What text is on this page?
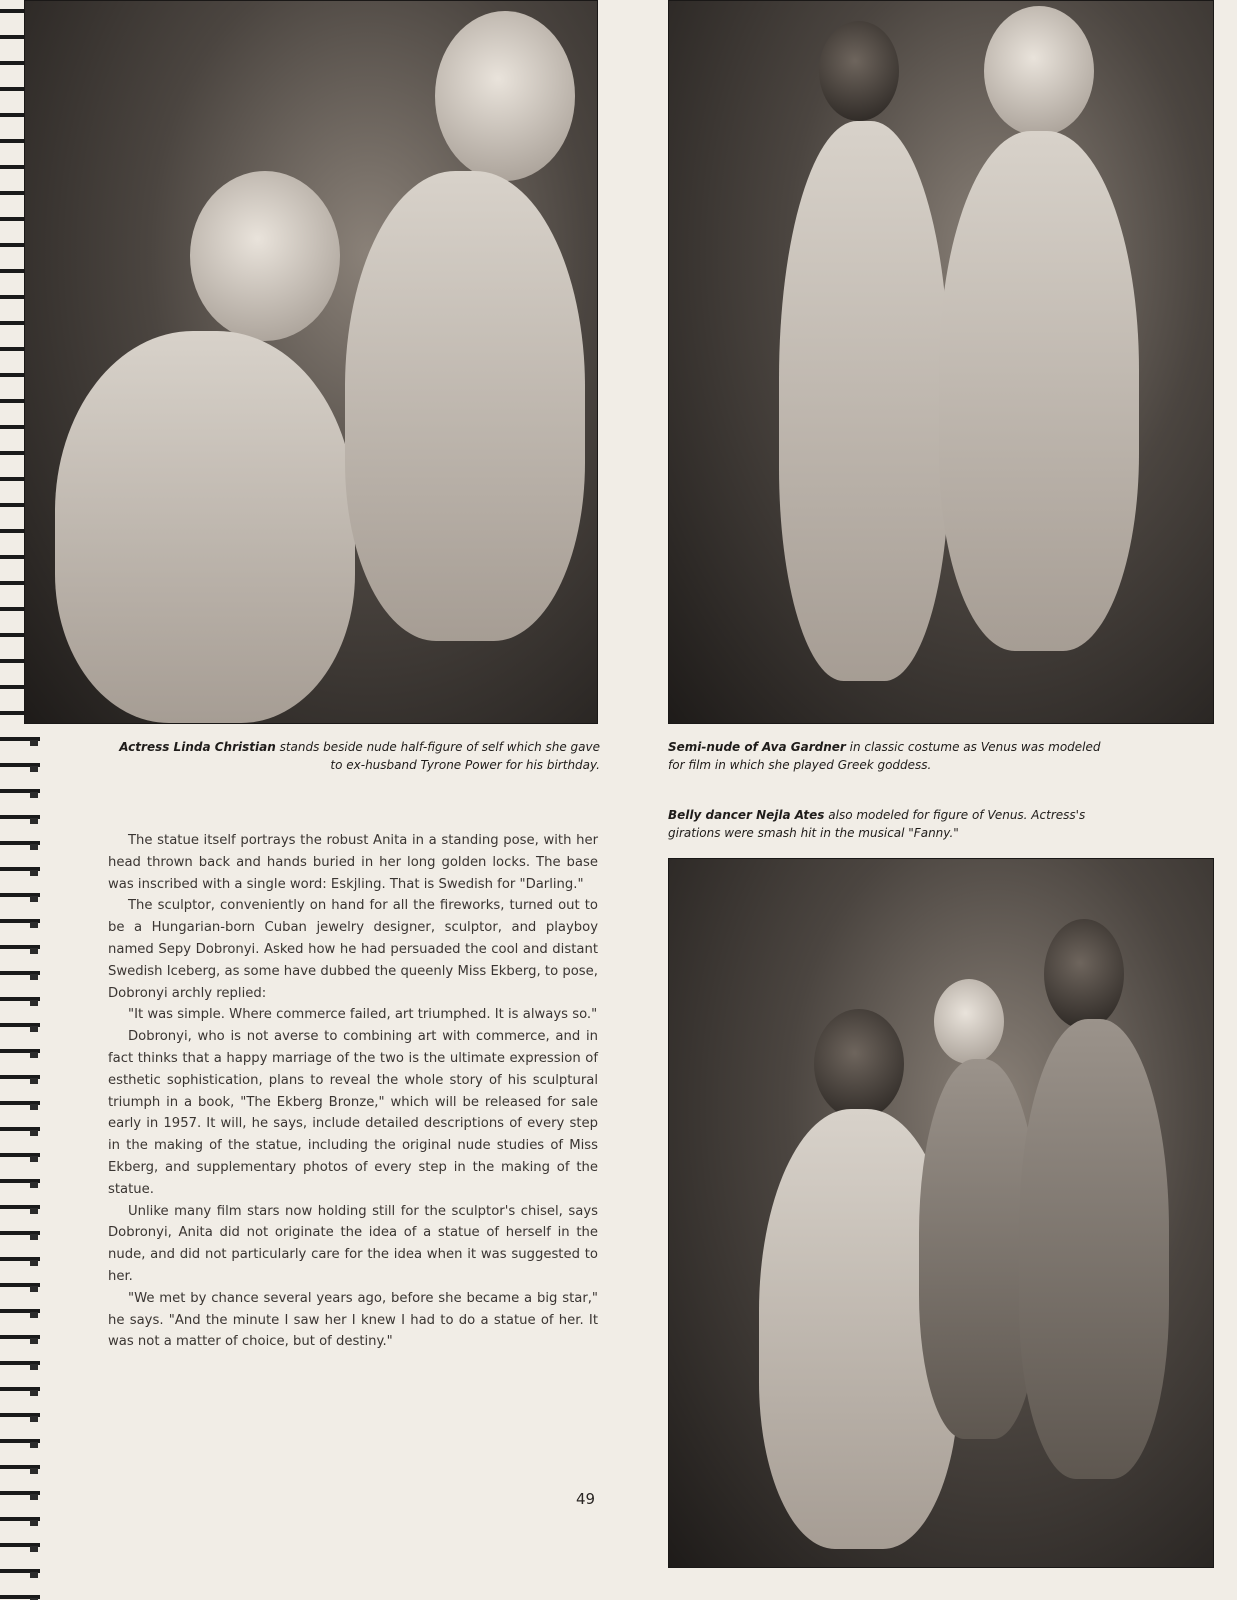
Actress Linda Christian stands beside nude half-figure of self which she gave to ex-husband Tyrone Power for his birthday.

Semi-nude of Ava Gardner in classic costume as Venus was modeled for film in which she played Greek goddess.

Belly dancer Nejla Ates also modeled for figure of Venus. Actress's girations were smash hit in the musical "Fanny."

The statue itself portrays the robust Anita in a standing pose, with her head thrown back and hands buried in her long golden locks. The base was inscribed with a single word: Eskjling. That is Swedish for "Darling."

The sculptor, conveniently on hand for all the fireworks, turned out to be a Hungarian-born Cuban jewelry designer, sculptor, and playboy named Sepy Dobronyi. Asked how he had persuaded the cool and distant Swedish Iceberg, as some have dubbed the queenly Miss Ekberg, to pose, Dobronyi archly replied:

"It was simple. Where commerce failed, art triumphed. It is always so."

Dobronyi, who is not averse to combining art with commerce, and in fact thinks that a happy marriage of the two is the ultimate expression of esthetic sophistication, plans to reveal the whole story of his sculptural triumph in a book, "The Ekberg Bronze," which will be released for sale early in 1957. It will, he says, include detailed descriptions of every step in the making of the statue, including the original nude studies of Miss Ekberg, and supplementary photos of every step in the making of the statue.

Unlike many film stars now holding still for the sculptor's chisel, says Dobronyi, Anita did not originate the idea of a statue of herself in the nude, and did not particularly care for the idea when it was suggested to her.

"We met by chance several years ago, before she became a big star," he says. "And the minute I saw her I knew I had to do a statue of her. It was not a matter of choice, but of destiny."

49
